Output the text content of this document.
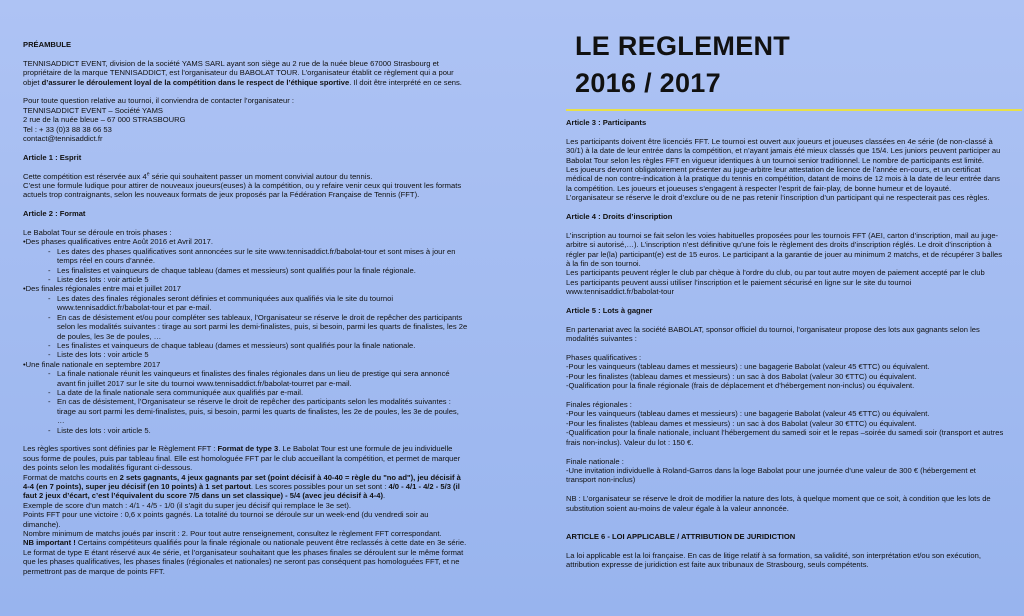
LE REGLEMENT
2016 / 2017

PRÉAMBULE

TENNISADDICT EVENT, division de la société YAMS SARL ayant son siège au 2 rue de la nuée bleue 67000 Strasbourg et propriétaire de la marque TENNISADDICT, est l’organisateur du BABOLAT TOUR. L’organisateur établit ce règlement qui a pour objet d’assurer le déroulement loyal de la compétition dans le respect de l’éthique sportive. Il doit être interprété en ce sens.

Pour toute question relative au tournoi, il conviendra de contacter l’organisateur :

TENNISADDICT EVENT – Société YAMS

2 rue de la nuée bleue – 67 000 STRASBOURG

Tel : + 33 (0)3 88 38 66 53

contact@tennisaddict.fr

Article 1 : Esprit

Cette compétition est réservée aux 4e série qui souhaitent passer un moment convivial autour du tennis.

C’est une formule ludique pour attirer de nouveaux joueurs(euses) à la compétition, ou y refaire venir ceux qui trouvent les formats actuels trop contraignants, selon les nouveaux formats de jeux proposés par la Fédération Française de Tennis (FFT).

Article 2 : Format

Le Babolat Tour se déroule en trois phases :

•Des phases qualificatives entre Août 2016 et Avril 2017.

- Les dates des phases qualificatives sont annoncées sur le site www.tennisaddict.fr/babolat-tour et sont mises à jour en temps réel en cours d’année.
- Les finalistes et vainqueurs de chaque tableau (dames et messieurs) sont qualifiés pour la finale régionale.
- Liste des lots : voir article 5

•Des finales régionales entre mai et juillet 2017

- Les dates des finales régionales seront définies et communiquées aux qualifiés via le site du tournoi www.tennisaddict.fr/babolat-tour et par e-mail.
- En cas de désistement et/ou pour compléter ses tableaux, l’Organisateur se réserve le droit de repêcher des participants selon les modalités suivantes : tirage au sort parmi les demi-finalistes, puis, si besoin, parmi les quarts de finalistes, les 2e de poules, les 3e de poules, …
- Les finalistes et vainqueurs de chaque tableau (dames et messieurs) sont qualifiés pour la finale nationale.
- Liste des lots : voir article 5

•Une finale nationale en septembre 2017

- La finale nationale réunit les vainqueurs et finalistes des finales régionales dans un lieu de prestige qui sera annoncé avant fin juillet 2017 sur le site du tournoi www.tennisaddict.fr/babolat-tourret par e-mail.
- La date de la finale nationale sera communiquée aux qualifiés par e-mail.
- En cas de désistement, l’Organisateur se réserve le droit de repêcher des participants selon les modalités suivantes : tirage au sort parmi les demi-finalistes, puis, si besoin, parmi les quarts de finalistes, les 2e de poules, les 3e de poules, …
- Liste des lots : voir article 5.

Les règles sportives sont définies par le Règlement FFT : Format de type 3. Le Babolat Tour est une formule de jeu individuelle sous forme de poules, puis par tableau final. Elle est homologuée FFT par le club accueillant la compétition, et permet de marquer des points selon les modalités figurant ci-dessous.

Format de matchs courts en 2 sets gagnants, 4 jeux gagnants par set (point décisif à 40-40 = règle du "no ad"), jeu décisif à 4-4 (en 7 points), super jeu décisif (en 10 points) à 1 set partout. Les scores possibles pour un set sont : 4/0 - 4/1 - 4/2 - 5/3 (il faut 2 jeux d’écart, c’est l’équivalent du score 7/5 dans un set classique) - 5/4 (avec jeu décisif à 4-4).

Exemple de score d’un match : 4/1 - 4/5 - 1/0 (il s’agit du super jeu décisif qui remplace le 3e set).

Points FFT pour une victoire : 0,6 x points gagnés. La totalité du tournoi se déroule sur un week-end (du vendredi soir au dimanche).

Nombre minimum de matchs joués par inscrit : 2. Pour tout autre renseignement, consultez le règlement FFT correspondant.

NB important ! Certains compétiteurs qualifiés pour la finale régionale ou nationale peuvent être reclassés à cette date en 3e série. Le format de type E étant réservé aux 4e série, et l’organisateur souhaitant que les phases finales se déroulent sur le même format que les phases qualificatives, les phases finales (régionales et nationales) ne seront pas conséquent pas homologuées FFT, et ne permettront pas de marque de points FFT.

Article 3 : Participants

Les participants doivent être licenciés FFT. Le tournoi est ouvert aux joueurs et joueuses classées en 4e série (de non-classé à 30/1) à la date de leur entrée dans la compétition, et n’ayant jamais été mieux classés que 15/4. Les juniors peuvent participer au Babolat Tour selon les règles FFT en vigueur identiques à un tournoi senior traditionnel. Le nombre de participants est limité.

Les joueurs devront obligatoirement présenter au juge-arbitre leur attestation de licence de l’année en-cours, et un certificat médical de non contre-indication à la pratique du tennis en compétition, datant de moins de 12 mois à la date de leur entrée dans la compétition. Les joueurs et joueuses s’engagent à respecter l’esprit de fair-play, de bonne humeur et de loyauté.

L’organisateur se réserve le droit d’exclure ou de ne pas retenir l’inscription d’un participant qui ne respecterait pas ces règles.

Article 4 : Droits d’inscription

L’inscription au tournoi se fait selon les voies habituelles proposées pour les tournois FFT (AEI, carton d’inscription, mail au juge-arbitre si autorisé,…). L’inscription n’est définitive qu’une fois le règlement des droits d’inscription réglés. Le droit d’inscription à régler par le(la) participant(e) est de 15 euros. Le participant a la garantie de jouer au minimum 2 matchs, et de récupérer 3 balles à la fin de son tournoi.

Les participants peuvent régler le club par chèque à l’ordre du club, ou par tout autre moyen de paiement accepté par le club

Les participants peuvent aussi utiliser l’inscription et le paiement sécurisé en ligne sur le site du tournoi www.tennisaddict.fr/babolat-tour

Article 5 : Lots à gagner

En partenariat avec la société BABOLAT, sponsor officiel du tournoi, l’organisateur propose des lots aux gagnants selon les modalités suivantes :

Phases qualificatives :

-Pour les vainqueurs (tableau dames et messieurs) : une bagagerie Babolat (valeur 45 €TTC) ou équivalent.

-Pour les finalistes (tableau dames et messieurs) : un sac à dos Babolat (valeur 30 €TTC) ou équivalent.

-Qualification pour la finale régionale (frais de déplacement et d’hébergement non-inclus) ou équivalent.

Finales régionales :

-Pour les vainqueurs (tableau dames et messieurs) : une bagagerie Babolat (valeur 45 €TTC) ou équivalent.

-Pour les finalistes (tableau dames et messieurs) : un sac à dos Babolat (valeur 30 €TTC) ou équivalent.

-Qualification pour la finale nationale, incluant l’hébergement du samedi soir et le repas –soirée du samedi soir (transport et autres frais non-inclus). Valeur du lot : 150 €.

Finale nationale :

-Une invitation individuelle à Roland-Garros dans la loge Babolat pour une journée d’une valeur de 300 € (hébergement et transport non-inclus)

NB : L’organisateur se réserve le droit de modifier la nature des lots, à quelque moment que ce soit, à condition que les lots de substitution soient au-moins de valeur égale à la valeur annoncée.

ARTICLE 6 - LOI APPLICABLE / ATTRIBUTION DE JURIDICTION

La loi applicable est la loi française. En cas de litige relatif à sa formation, sa validité, son interprétation et/ou son exécution, attribution expresse de juridiction est faite aux tribunaux de Strasbourg, seuls compétents.
